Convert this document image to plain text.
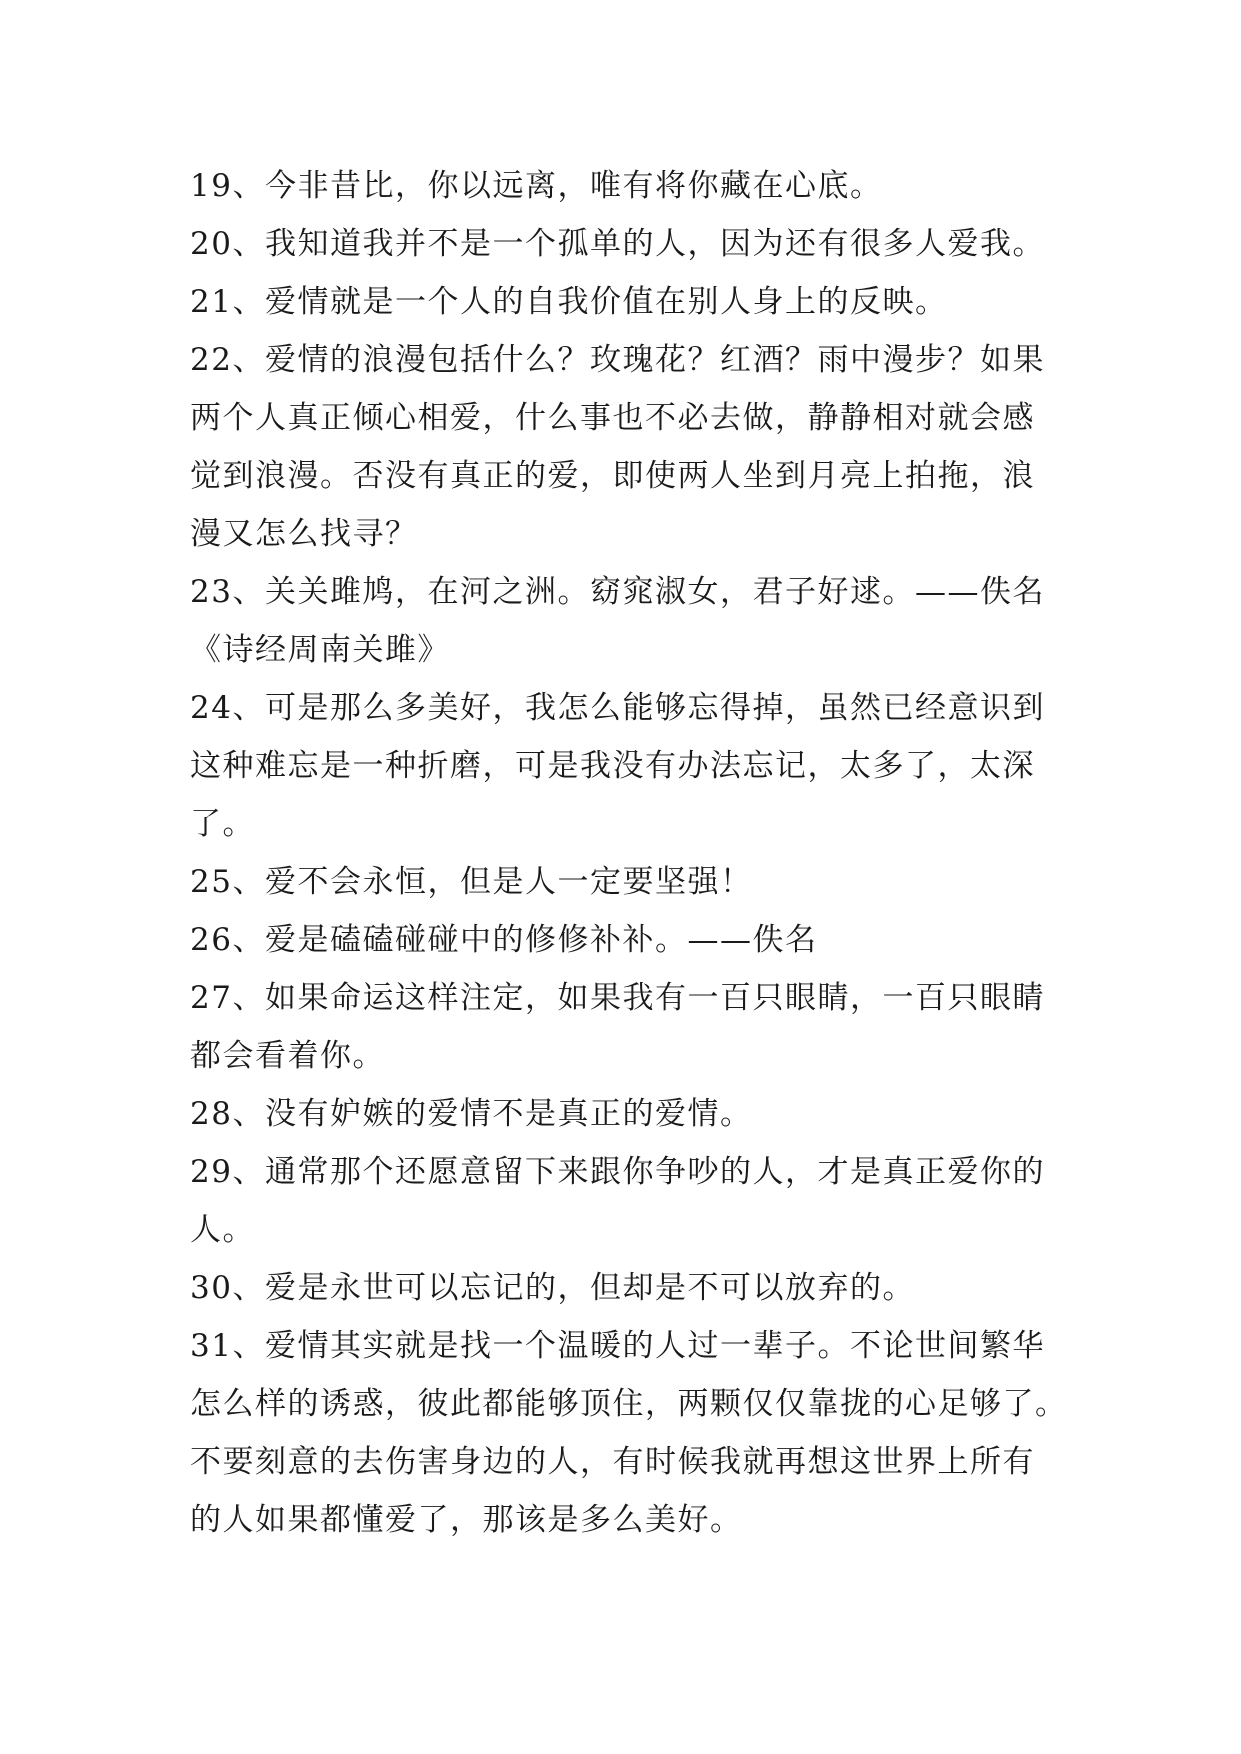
19、今非昔比，你以远离，唯有将你藏在心底。
20、我知道我并不是一个孤单的人，因为还有很多人爱我。
21、爱情就是一个人的自我价值在别人身上的反映。
22、爱情的浪漫包括什么？玫瑰花？红酒？雨中漫步？如果
两个人真正倾心相爱，什么事也不必去做，静静相对就会感
觉到浪漫。否没有真正的爱，即使两人坐到月亮上拍拖，浪
漫又怎么找寻？
23、关关雎鸠，在河之洲。窈窕淑女，君子好逑。——佚名
《诗经周南关雎》
24、可是那么多美好，我怎么能够忘得掉，虽然已经意识到
这种难忘是一种折磨，可是我没有办法忘记，太多了，太深
了。
25、爱不会永恒，但是人一定要坚强！
26、爱是磕磕碰碰中的修修补补。——佚名
27、如果命运这样注定，如果我有一百只眼睛，一百只眼睛
都会看着你。
28、没有妒嫉的爱情不是真正的爱情。
29、通常那个还愿意留下来跟你争吵的人，才是真正爱你的
人。
30、爱是永世可以忘记的，但却是不可以放弃的。
31、爱情其实就是找一个温暖的人过一辈子。不论世间繁华
怎么样的诱惑，彼此都能够顶住，两颗仅仅靠拢的心足够了。
不要刻意的去伤害身边的人，有时候我就再想这世界上所有
的人如果都懂爱了，那该是多么美好。
